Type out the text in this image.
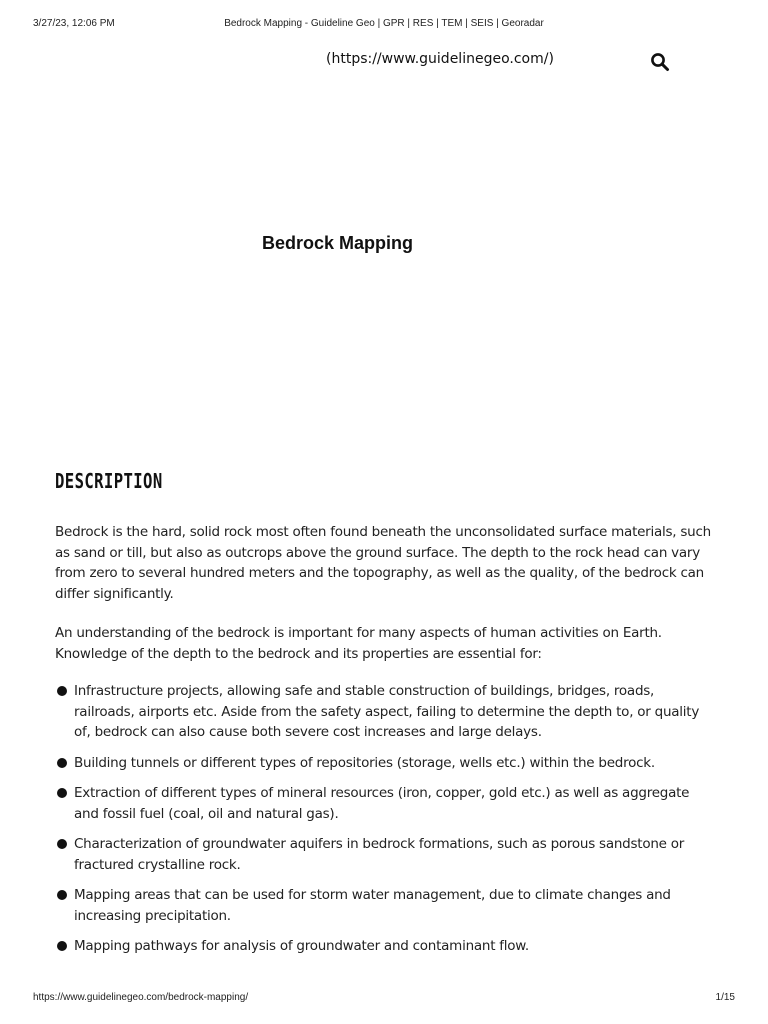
3/27/23, 12:06 PM	Bedrock Mapping - Guideline Geo | GPR | RES | TEM | SEIS | Georadar
(https://www.guidelinegeo.com/)
Bedrock Mapping
DESCRIPTION

Bedrock is the hard, solid rock most often found beneath the unconsolidated surface materials, such as sand or till, but also as outcrops above the ground surface. The depth to the rock head can vary from zero to several hundred meters and the topography, as well as the quality, of the bedrock can differ significantly.

An understanding of the bedrock is important for many aspects of human activities on Earth. Knowledge of the depth to the bedrock and its properties are essential for:

Infrastructure projects, allowing safe and stable construction of buildings, bridges, roads, railroads, airports etc. Aside from the safety aspect, failing to determine the depth to, or quality of, bedrock can also cause both severe cost increases and large delays.
Building tunnels or different types of repositories (storage, wells etc.) within the bedrock.
Extraction of different types of mineral resources (iron, copper, gold etc.) as well as aggregate and fossil fuel (coal, oil and natural gas).
Characterization of groundwater aquifers in bedrock formations, such as porous sandstone or fractured crystalline rock.
Mapping areas that can be used for storm water management, due to climate changes and increasing precipitation.
Mapping pathways for analysis of groundwater and contaminant flow.
https://www.guidelinegeo.com/bedrock-mapping/	1/15
